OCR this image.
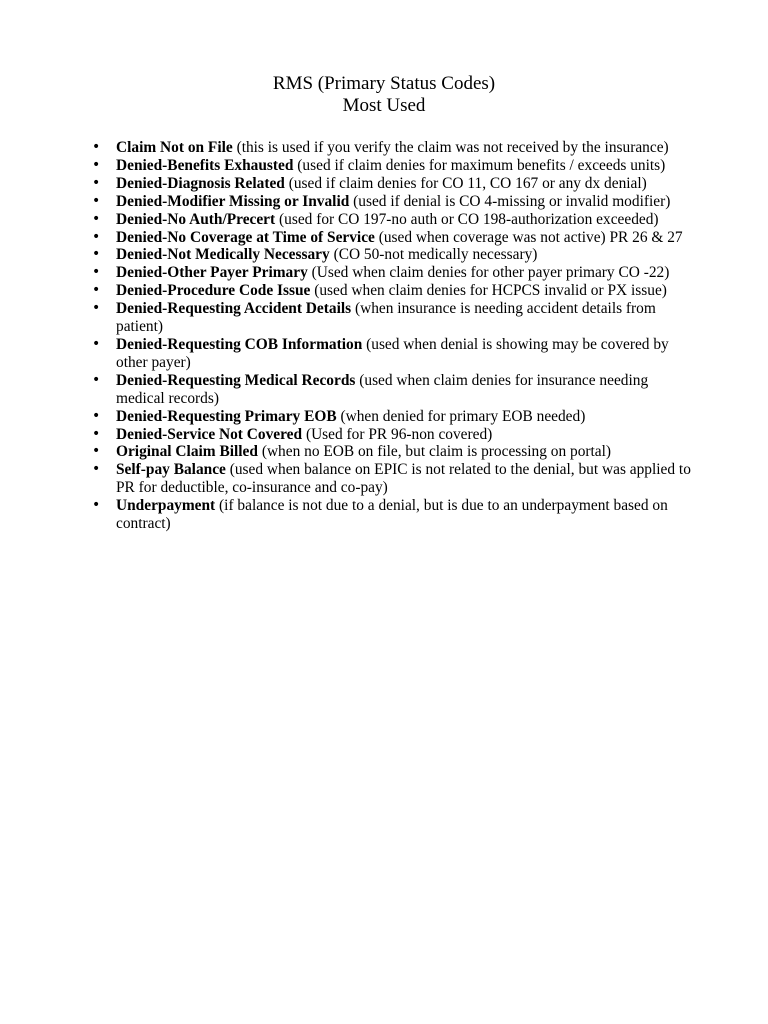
RMS (Primary Status Codes)
Most Used
• Claim Not on File (this is used if you verify the claim was not received by the insurance)
• Denied-Benefits Exhausted (used if claim denies for maximum benefits / exceeds units)
• Denied-Diagnosis Related (used if claim denies for CO 11, CO 167 or any dx denial)
• Denied-Modifier Missing or Invalid (used if denial is CO 4-missing or invalid modifier)
• Denied-No Auth/Precert (used for CO 197-no auth or CO 198-authorization exceeded)
• Denied-No Coverage at Time of Service (used when coverage was not active) PR 26 & 27
• Denied-Not Medically Necessary (CO 50-not medically necessary)
• Denied-Other Payer Primary (Used when claim denies for other payer primary CO -22)
• Denied-Procedure Code Issue (used when claim denies for HCPCS invalid or PX issue)
• Denied-Requesting Accident Details (when insurance is needing accident details from patient)
• Denied-Requesting COB Information (used when denial is showing may be covered by other payer)
• Denied-Requesting Medical Records (used when claim denies for insurance needing medical records)
• Denied-Requesting Primary EOB (when denied for primary EOB needed)
• Denied-Service Not Covered (Used for PR 96-non covered)
• Original Claim Billed (when no EOB on file, but claim is processing on portal)
• Self-pay Balance (used when balance on EPIC is not related to the denial, but was applied to PR for deductible, co-insurance and co-pay)
• Underpayment (if balance is not due to a denial, but is due to an underpayment based on contract)
